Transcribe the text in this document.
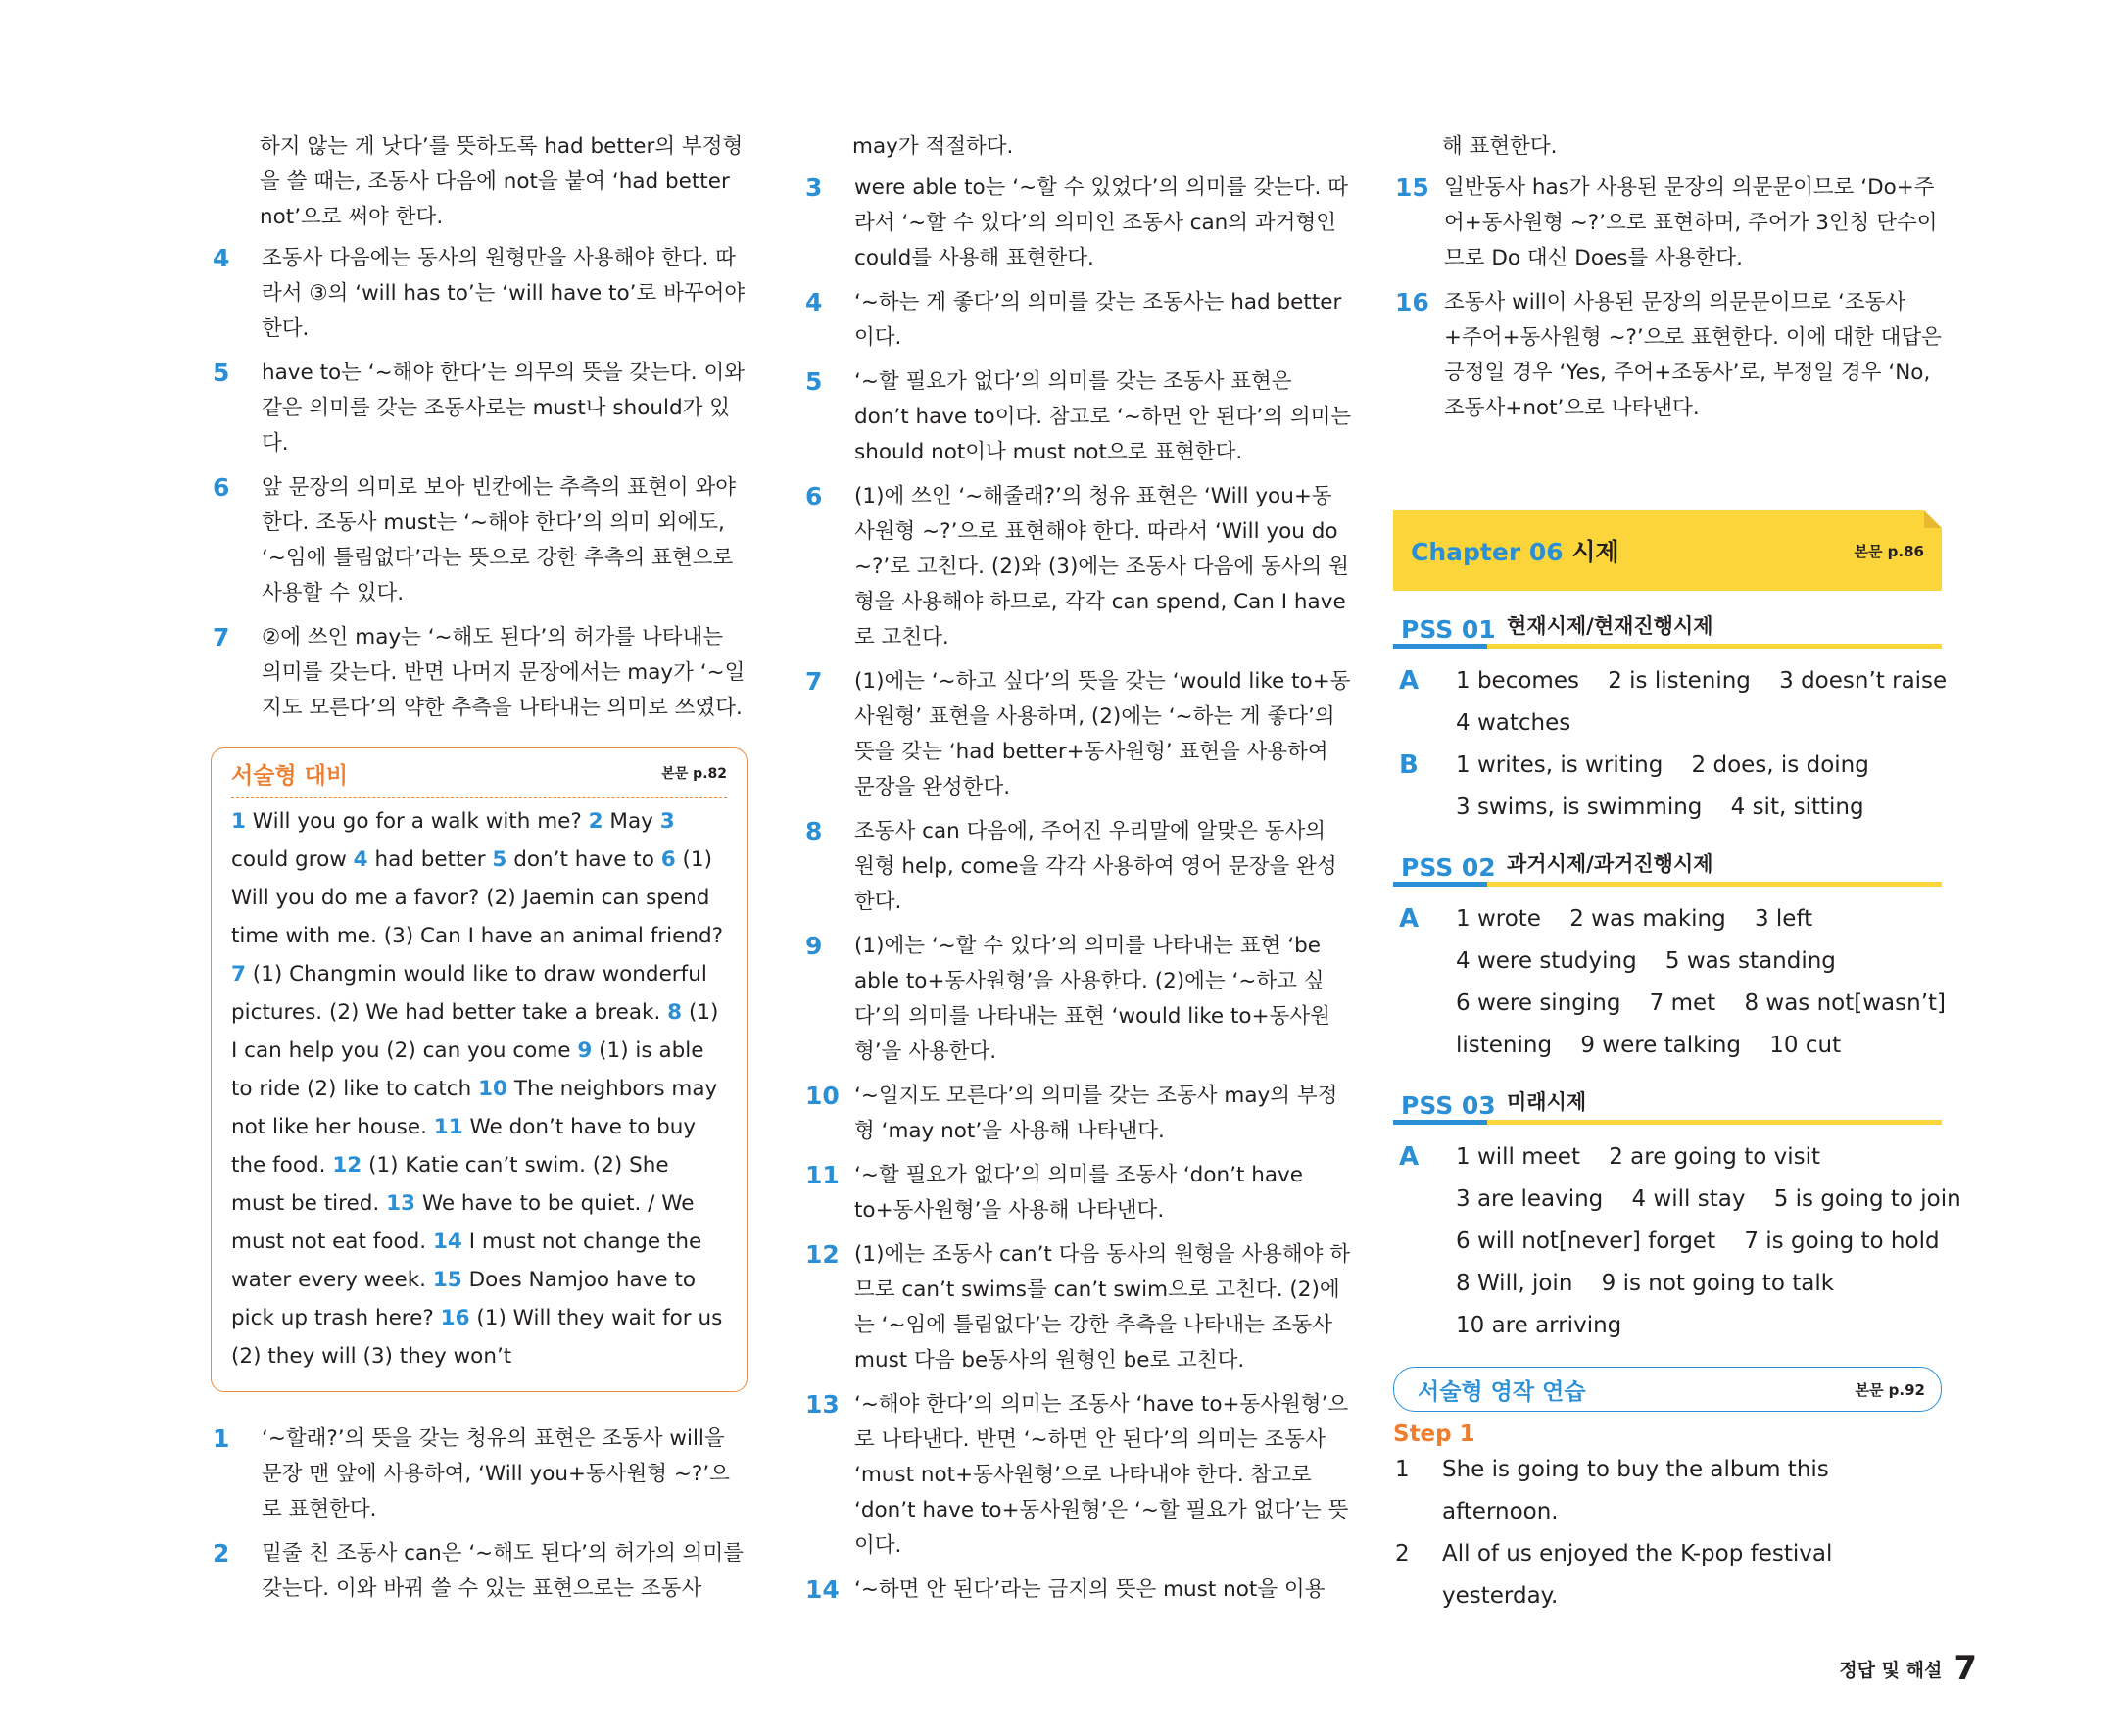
하지 않는 게 낫다’를 뜻하도록 had better의 부정형을 쓸 때는, 조동사 다음에 not을 붙여 ‘had better not’으로 써야 한다.

4	조동사 다음에는 동사의 원형만을 사용해야 한다. 따라서 ③의 ‘will has to’는 ‘will have to’로 바꾸어야 한다.
5	have to는 ‘~해야 한다’는 의무의 뜻을 갖는다. 이와 같은 의미를 갖는 조동사로는 must나 should가 있다.
6	앞 문장의 의미로 보아 빈칸에는 추측의 표현이 와야 한다. 조동사 must는 ‘~해야 한다’의 의미 외에도, ‘~임에 틀림없다’라는 뜻으로 강한 추측의 표현으로 사용할 수 있다.
7	②에 쓰인 may는 ‘~해도 된다’의 허가를 나타내는 의미를 갖는다. 반면 나머지 문장에서는 may가 ‘~일지도 모른다’의 약한 추측을 나타내는 의미로 쓰였다.
서술형 대비	본문 p.82
1 Will you go for a walk with me? 2 May 3 could grow 4 had better 5 don’t have to 6 (1) Will you do me a favor? (2) Jaemin can spend time with me. (3) Can I have an animal friend? 7 (1) Changmin would like to draw wonderful pictures. (2) We had better take a break. 8 (1) I can help you (2) can you come 9 (1) is able to ride (2) like to catch 10 The neighbors may not like her house. 11 We don’t have to buy the food. 12 (1) Katie can’t swim. (2) She must be tired. 13 We have to be quiet. / We must not eat food. 14 I must not change the water every week. 15 Does Namjoo have to pick up trash here? 16 (1) Will they wait for us (2) they will (3) they won’t
1	‘~할래?’의 뜻을 갖는 청유의 표현은 조동사 will을 문장 맨 앞에 사용하여, ‘Will you+동사원형 ~?’으로 표현한다.
2	밑줄 친 조동사 can은 ‘~해도 된다’의 허가의 의미를 갖는다. 이와 바꿔 쓸 수 있는 표현으로는 조동사

may가 적절하다.

3	were able to는 ‘~할 수 있었다’의 의미를 갖는다. 따라서 ‘~할 수 있다’의 의미인 조동사 can의 과거형인 could를 사용해 표현한다.
4	‘~하는 게 좋다’의 의미를 갖는 조동사는 had better이다.
5	‘~할 필요가 없다’의 의미를 갖는 조동사 표현은 don’t have to이다. 참고로 ‘~하면 안 된다’의 의미는 should not이나 must not으로 표현한다.
6	(1)에 쓰인 ‘~해줄래?’의 청유 표현은 ‘Will you+동사원형 ~?’으로 표현해야 한다. 따라서 ‘Will you do ~?’로 고친다. (2)와 (3)에는 조동사 다음에 동사의 원형을 사용해야 하므로, 각각 can spend, Can I have로 고친다.
7	(1)에는 ‘~하고 싶다’의 뜻을 갖는 ‘would like to+동사원형’ 표현을 사용하며, (2)에는 ‘~하는 게 좋다’의 뜻을 갖는 ‘had better+동사원형’ 표현을 사용하여 문장을 완성한다.
8	조동사 can 다음에, 주어진 우리말에 알맞은 동사의 원형 help, come을 각각 사용하여 영어 문장을 완성한다.
9	(1)에는 ‘~할 수 있다’의 의미를 나타내는 표현 ‘be able to+동사원형’을 사용한다. (2)에는 ‘~하고 싶다’의 의미를 나타내는 표현 ‘would like to+동사원형’을 사용한다.
10 ‘~일지도 모른다’의 의미를 갖는 조동사 may의 부정형 ‘may not’을 사용해 나타낸다.
11 ‘~할 필요가 없다’의 의미를 조동사 ‘don’t have to+동사원형’을 사용해 나타낸다.
12 (1)에는 조동사 can’t 다음 동사의 원형을 사용해야 하므로 can’t swims를 can’t swim으로 고친다. (2)에는 ‘~임에 틀림없다’는 강한 추측을 나타내는 조동사 must 다음 be동사의 원형인 be로 고친다.
13 ‘~해야 한다’의 의미는 조동사 ‘have to+동사원형’으로 나타낸다. 반면 ‘~하면 안 된다’의 의미는 조동사 ‘must not+동사원형’으로 나타내야 한다. 참고로 ‘don’t have to+동사원형’은 ‘~할 필요가 없다’는 뜻이다.
14 ‘~하면 안 된다’라는 금지의 뜻은 must not을 이용

해 표현한다.

15 일반동사 has가 사용된 문장의 의문문이므로 ‘Do+주어+동사원형 ~?’으로 표현하며, 주어가 3인칭 단수이므로 Do 대신 Does를 사용한다.
16 조동사 will이 사용된 문장의 의문문이므로 ‘조동사+주어+동사원형 ~?’으로 표현한다. 이에 대한 대답은 긍정일 경우 ‘Yes, 주어+조동사’로, 부정일 경우 ‘No, 조동사+not’으로 나타낸다.
Chapter 06 시제	본문 p.86
PSS 01 현재시제/현재진행시제
A	1 becomes    2 is listening    3 doesn’t raise
4 watches
B	1 writes, is writing    2 does, is doing
3 swims, is swimming    4 sit, sitting
PSS 02 과거시제/과거진행시제
A	1 wrote    2 was making    3 left
4 were studying    5 was standing
6 were singing    7 met    8 was not[wasn’t]
listening    9 were talking    10 cut
PSS 03 미래시제
A	1 will meet    2 are going to visit
3 are leaving    4 will stay    5 is going to join
6 will not[never] forget    7 is going to hold
8 Will, join    9 is not going to talk
10 are arriving
서술형 영작 연습	본문 p.92
Step 1
1	She is going to buy the album this afternoon.
2	All of us enjoyed the K-pop festival yesterday.
정답 및 해설 7
